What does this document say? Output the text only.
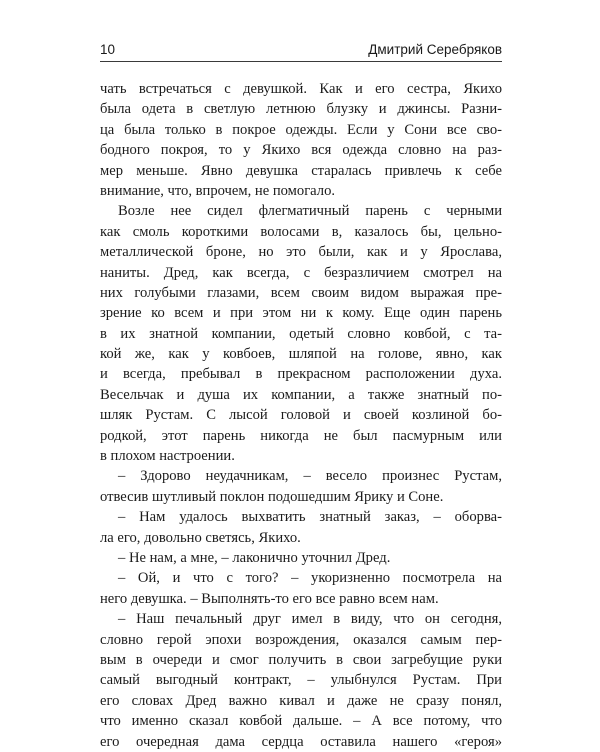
10	Дмитрий Серебряков
чать встречаться с девушкой. Как и его сестра, Якихо
была одета в светлую летнюю блузку и джинсы. Разни-
ца была только в покрое одежды. Если у Сони все сво-
бодного покроя, то у Якихо вся одежда словно на раз-
мер меньше. Явно девушка старалась привлечь к себе
внимание, что, впрочем, не помогало.
Возле нее сидел флегматичный парень с черными
как смоль короткими волосами в, казалось бы, цельно-
металлической броне, но это были, как и у Ярослава,
наниты. Дред, как всегда, с безразличием смотрел на
них голубыми глазами, всем своим видом выражая пре-
зрение ко всем и при этом ни к кому. Еще один парень
в их знатной компании, одетый словно ковбой, с та-
кой же, как у ковбоев, шляпой на голове, явно, как
и всегда, пребывал в прекрасном расположении духа.
Весельчак и душа их компании, а также знатный по-
шляк Рустам. С лысой головой и своей козлиной бо-
родкой, этот парень никогда не был пасмурным или
в плохом настроении.
– Здорово неудачникам, – весело произнес Рустам,
отвесив шутливый поклон подошедшим Ярику и Соне.
– Нам удалось выхватить знатный заказ, – оборва-
ла его, довольно светясь, Якихо.
– Не нам, а мне, – лаконично уточнил Дред.
– Ой, и что с того? – укоризненно посмотрела на
него девушка. – Выполнять-то его все равно всем нам.
– Наш печальный друг имел в виду, что он сегодня,
словно герой эпохи возрождения, оказался самым пер-
вым в очереди и смог получить в свои загребущие руки
самый выгодный контракт, – улыбнулся Рустам. При
его словах Дред важно кивал и даже не сразу понял,
что именно сказал ковбой дальше. – А все потому, что
его очередная дама сердца оставила нашего «героя»
